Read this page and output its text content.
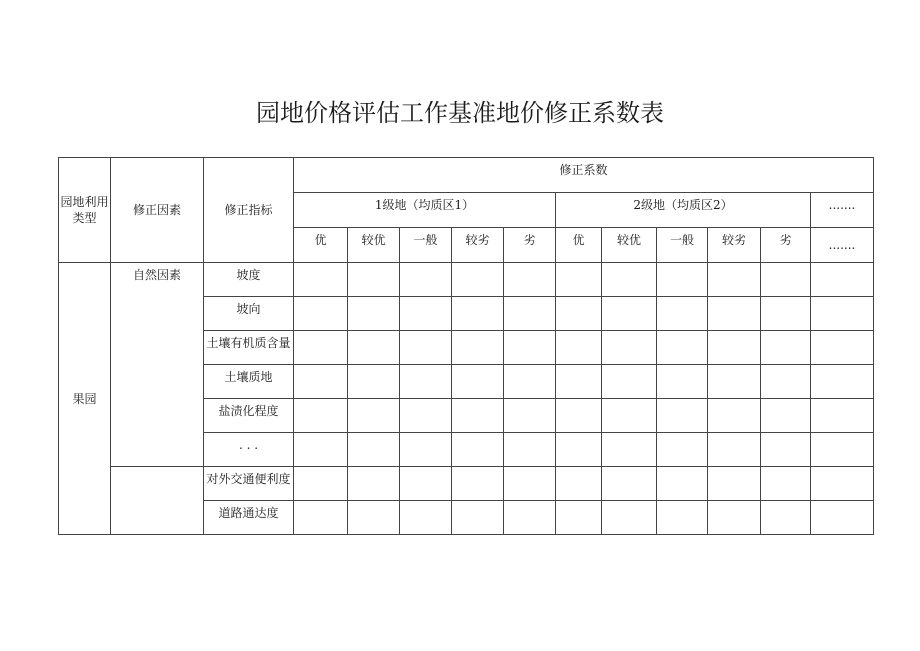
园地价格评估工作基准地价修正系数表
园地利用类型	修正因素	修正指标	修正系数										

			1级地（均质区1）					2级地（均质区2）					.......

			优	较优	一般	较劣	劣	优	较优	一般	较劣	劣	.......
果园	自然因素	坡度											

		坡向											

		土壤有机质含量											

		土壤质地											

		盐渍化程度											

		. . .											

		对外交通便利度											

		道路通达度											
